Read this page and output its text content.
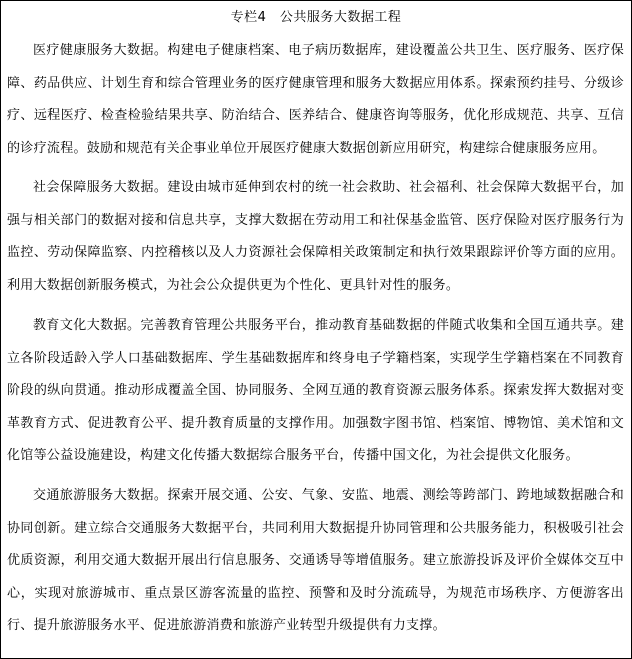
专栏4　公共服务大数据工程

医疗健康服务大数据。构建电子健康档案、电子病历数据库，建设覆盖公共卫生、医疗服务、医疗保障、药品供应、计划生育和综合管理业务的医疗健康管理和服务大数据应用体系。探索预约挂号、分级诊疗、远程医疗、检查检验结果共享、防治结合、医养结合、健康咨询等服务，优化形成规范、共享、互信的诊疗流程。鼓励和规范有关企事业单位开展医疗健康大数据创新应用研究，构建综合健康服务应用。

社会保障服务大数据。建设由城市延伸到农村的统一社会救助、社会福利、社会保障大数据平台，加强与相关部门的数据对接和信息共享，支撑大数据在劳动用工和社保基金监管、医疗保险对医疗服务行为监控、劳动保障监察、内控稽核以及人力资源社会保障相关政策制定和执行效果跟踪评价等方面的应用。利用大数据创新服务模式，为社会公众提供更为个性化、更具针对性的服务。

教育文化大数据。完善教育管理公共服务平台，推动教育基础数据的伴随式收集和全国互通共享。建立各阶段适龄入学人口基础数据库、学生基础数据库和终身电子学籍档案，实现学生学籍档案在不同教育阶段的纵向贯通。推动形成覆盖全国、协同服务、全网互通的教育资源云服务体系。探索发挥大数据对变革教育方式、促进教育公平、提升教育质量的支撑作用。加强数字图书馆、档案馆、博物馆、美术馆和文化馆等公益设施建设，构建文化传播大数据综合服务平台，传播中国文化，为社会提供文化服务。

交通旅游服务大数据。探索开展交通、公安、气象、安监、地震、测绘等跨部门、跨地域数据融合和协同创新。建立综合交通服务大数据平台，共同利用大数据提升协同管理和公共服务能力，积极吸引社会优质资源，利用交通大数据开展出行信息服务、交通诱导等增值服务。建立旅游投诉及评价全媒体交互中心，实现对旅游城市、重点景区游客流量的监控、预警和及时分流疏导，为规范市场秩序、方便游客出行、提升旅游服务水平、促进旅游消费和旅游产业转型升级提供有力支撑。
